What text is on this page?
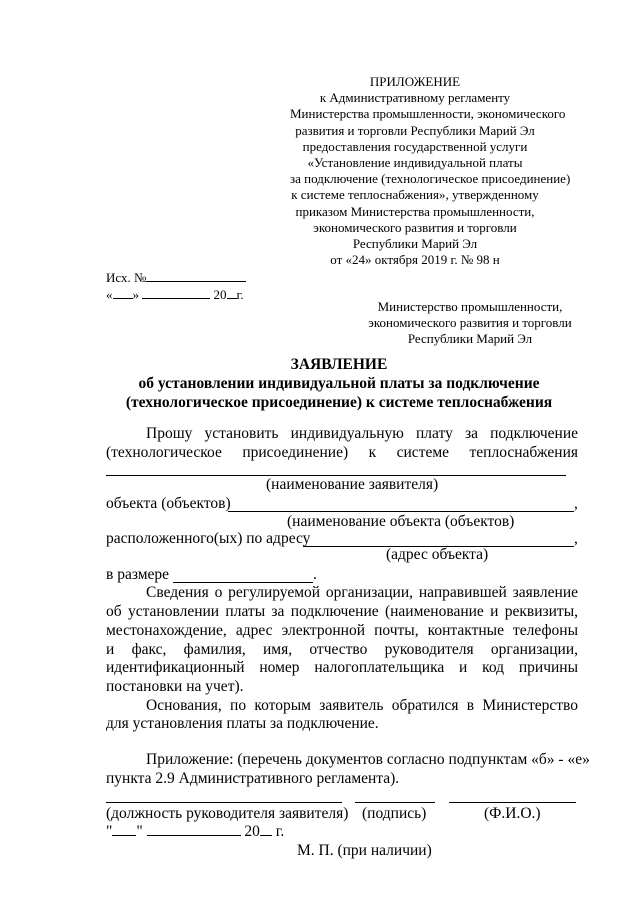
ПРИЛОЖЕНИЕ
к Административному регламенту
Министерства промышленности, экономического
развития и торговли Республики Марий Эл
предоставления государственной услуги
«Установление индивидуальной платы
за подключение (технологическое присоединение)
к системе теплоснабжения», утвержденному
приказом Министерства промышленности,
экономического развития и торговли
Республики Марий Эл
от «24» октября 2019 г. № 98 н
Исх. №
« »	20 г.
Министерство промышленности,
экономического развития и торговли
Республики Марий Эл
ЗАЯВЛЕНИЕ
об установлении индивидуальной платы за подключение
(технологическое присоединение) к системе теплоснабжения
Прошу установить индивидуальную плату за подключение
(технологическое присоединение) к системе теплоснабжения
(наименование заявителя)
объекта (объектов)	,
(наименование объекта (объектов)
расположенного(ых) по адресу	,
(адрес объекта)
в размере	.
Сведения о регулируемой организации, направившей заявление
об установлении платы за подключение (наименование и реквизиты,
местонахождение, адрес электронной почты, контактные телефоны
и факс, фамилия, имя, отчество руководителя организации,
идентификационный номер налогоплательщика и код причины
постановки на учет).
Основания, по которым заявитель обратился в Министерство
для установления платы за подключение.
Приложение: (перечень документов согласно подпунктам «б» - «е»
пункта 2.9 Административного регламента).
(должность руководителя заявителя) (подпись)	(Ф.И.О.)
" "	20 г.
М. П. (при наличии)
